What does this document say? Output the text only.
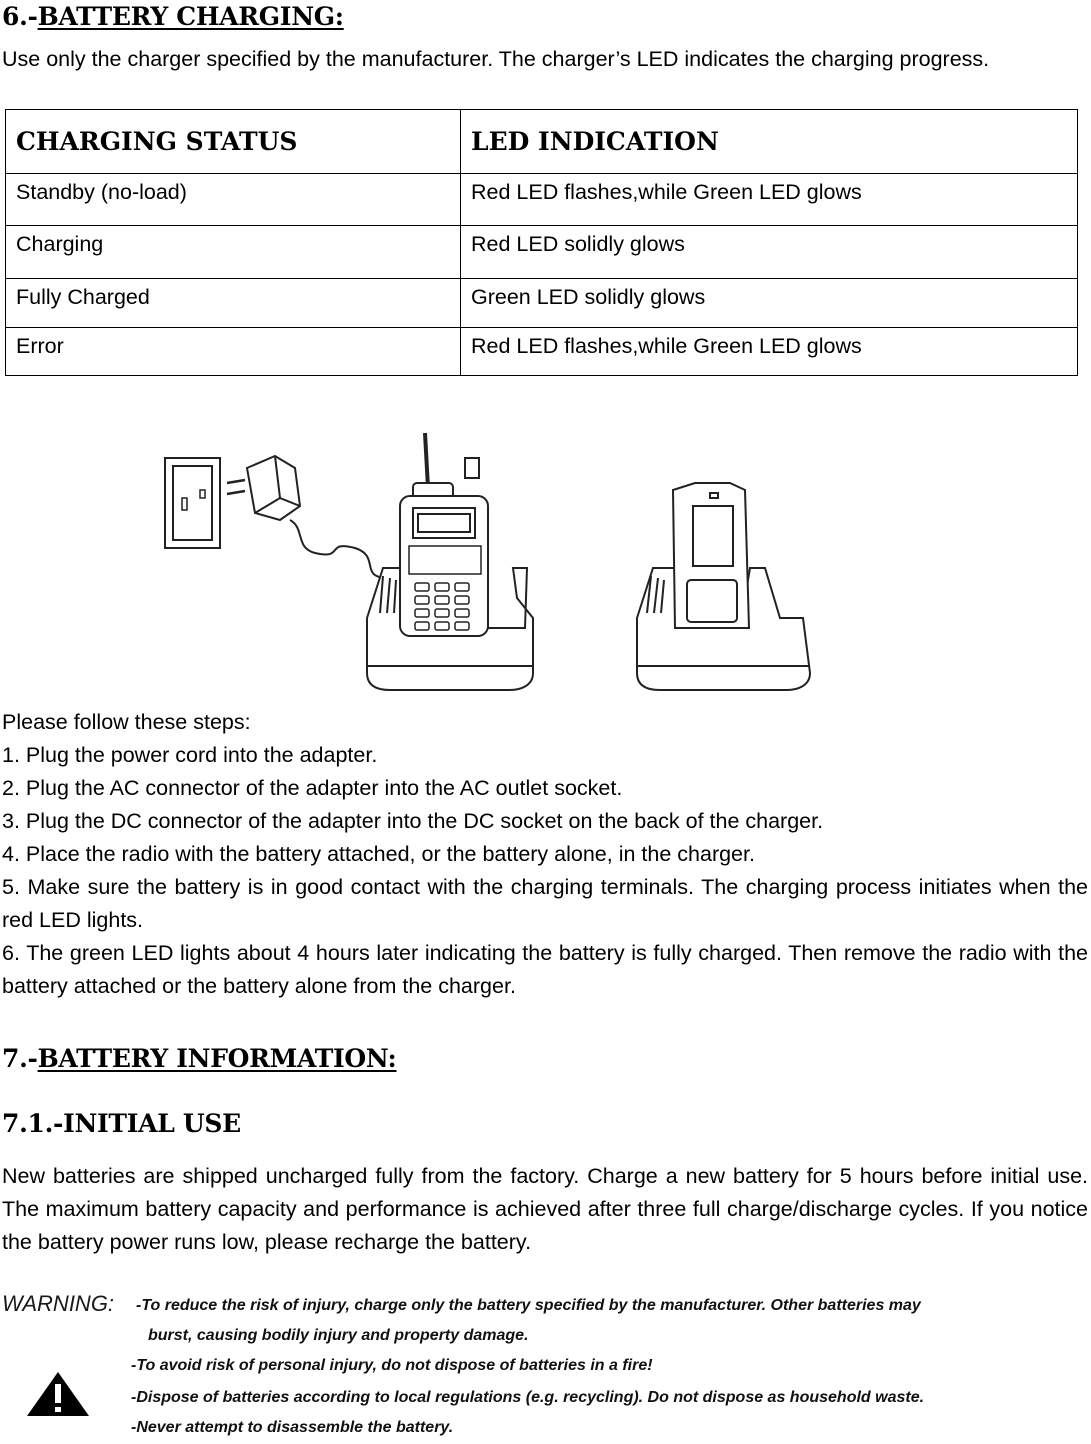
6.-BATTERY CHARGING:
Use only the charger specified by the manufacturer. The charger’s LED indicates the charging progress.
CHARGING STATUS	LED INDICATION
Standby (no-load)	Red LED flashes,while Green LED glows
Charging	Red LED solidly glows
Fully Charged	Green LED solidly glows
Error	Red LED flashes,while Green LED glows
Please follow these steps:
1. Plug the power cord into the adapter.
2. Plug the AC connector of the adapter into the AC outlet socket.
3. Plug the DC connector of the adapter into the DC socket on the back of the charger.
4. Place the radio with the battery attached, or the battery alone, in the charger.
5. Make sure the battery is in good contact with the charging terminals. The charging process initiates when the red LED lights.
6. The green LED lights about 4 hours later indicating the battery is fully charged. Then remove the radio with the battery attached or the battery alone from the charger.
7.-BATTERY INFORMATION:
7.1.-INITIAL USE
New batteries are shipped uncharged fully from the factory. Charge a new battery for 5 hours before initial use. The maximum battery capacity and performance is achieved after three full charge/discharge cycles. If you notice the battery power runs low, please recharge the battery.
WARNING: -To reduce the risk of injury, charge only the battery specified by the manufacturer. Other batteries may
burst, causing bodily injury and property damage.
-To avoid risk of personal injury, do not dispose of batteries in a fire!
-Dispose of batteries according to local regulations (e.g. recycling). Do not dispose as household waste.
-Never attempt to disassemble the battery.
